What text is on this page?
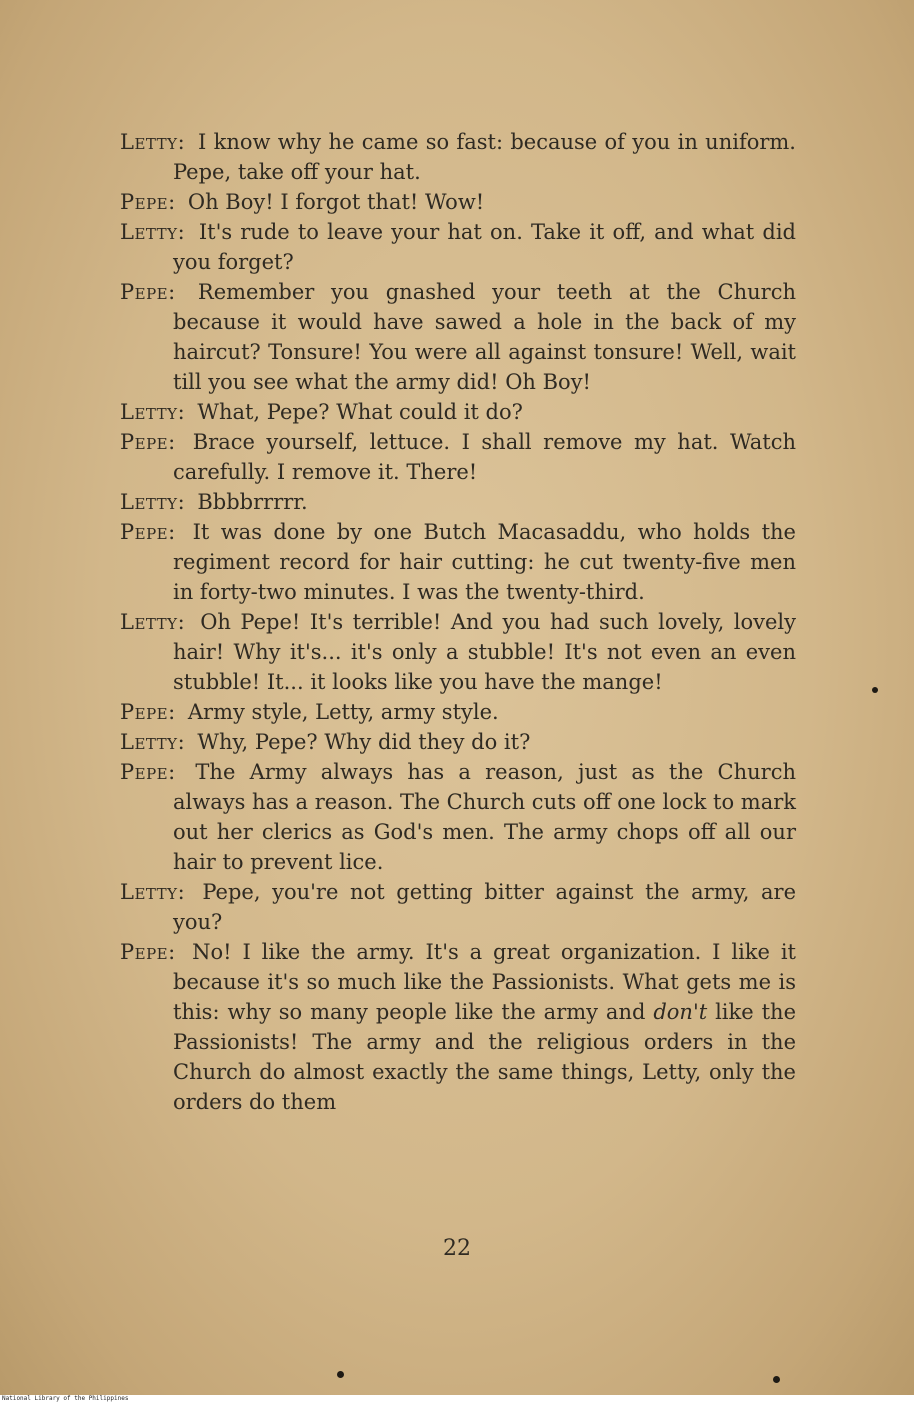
Letty: I know why he came so fast: because of you in uniform. Pepe, take off your hat.

Pepe: Oh Boy! I forgot that! Wow!

Letty: It's rude to leave your hat on. Take it off, and what did you forget?

Pepe: Remember you gnashed your teeth at the Church because it would have sawed a hole in the back of my haircut? Tonsure! You were all against tonsure! Well, wait till you see what the army did! Oh Boy!

Letty: What, Pepe? What could it do?

Pepe: Brace yourself, lettuce. I shall remove my hat. Watch carefully. I remove it. There!

Letty: Bbbbrrrrr.

Pepe: It was done by one Butch Macasaddu, who holds the regiment record for hair cutting: he cut twenty-five men in forty-two minutes. I was the twenty-third.

Letty: Oh Pepe! It's terrible! And you had such lovely, lovely hair! Why it's... it's only a stubble! It's not even an even stubble! It... it looks like you have the mange!

Pepe: Army style, Letty, army style.

Letty: Why, Pepe? Why did they do it?

Pepe: The Army always has a reason, just as the Church always has a reason. The Church cuts off one lock to mark out her clerics as God's men. The army chops off all our hair to prevent lice.

Letty: Pepe, you're not getting bitter against the army, are you?

Pepe: No! I like the army. It's a great organization. I like it because it's so much like the Passionists. What gets me is this: why so many people like the army and don't like the Passionists! The army and the religious orders in the Church do almost exactly the same things, Letty, only the orders do them

22
National Library of the Philippines
